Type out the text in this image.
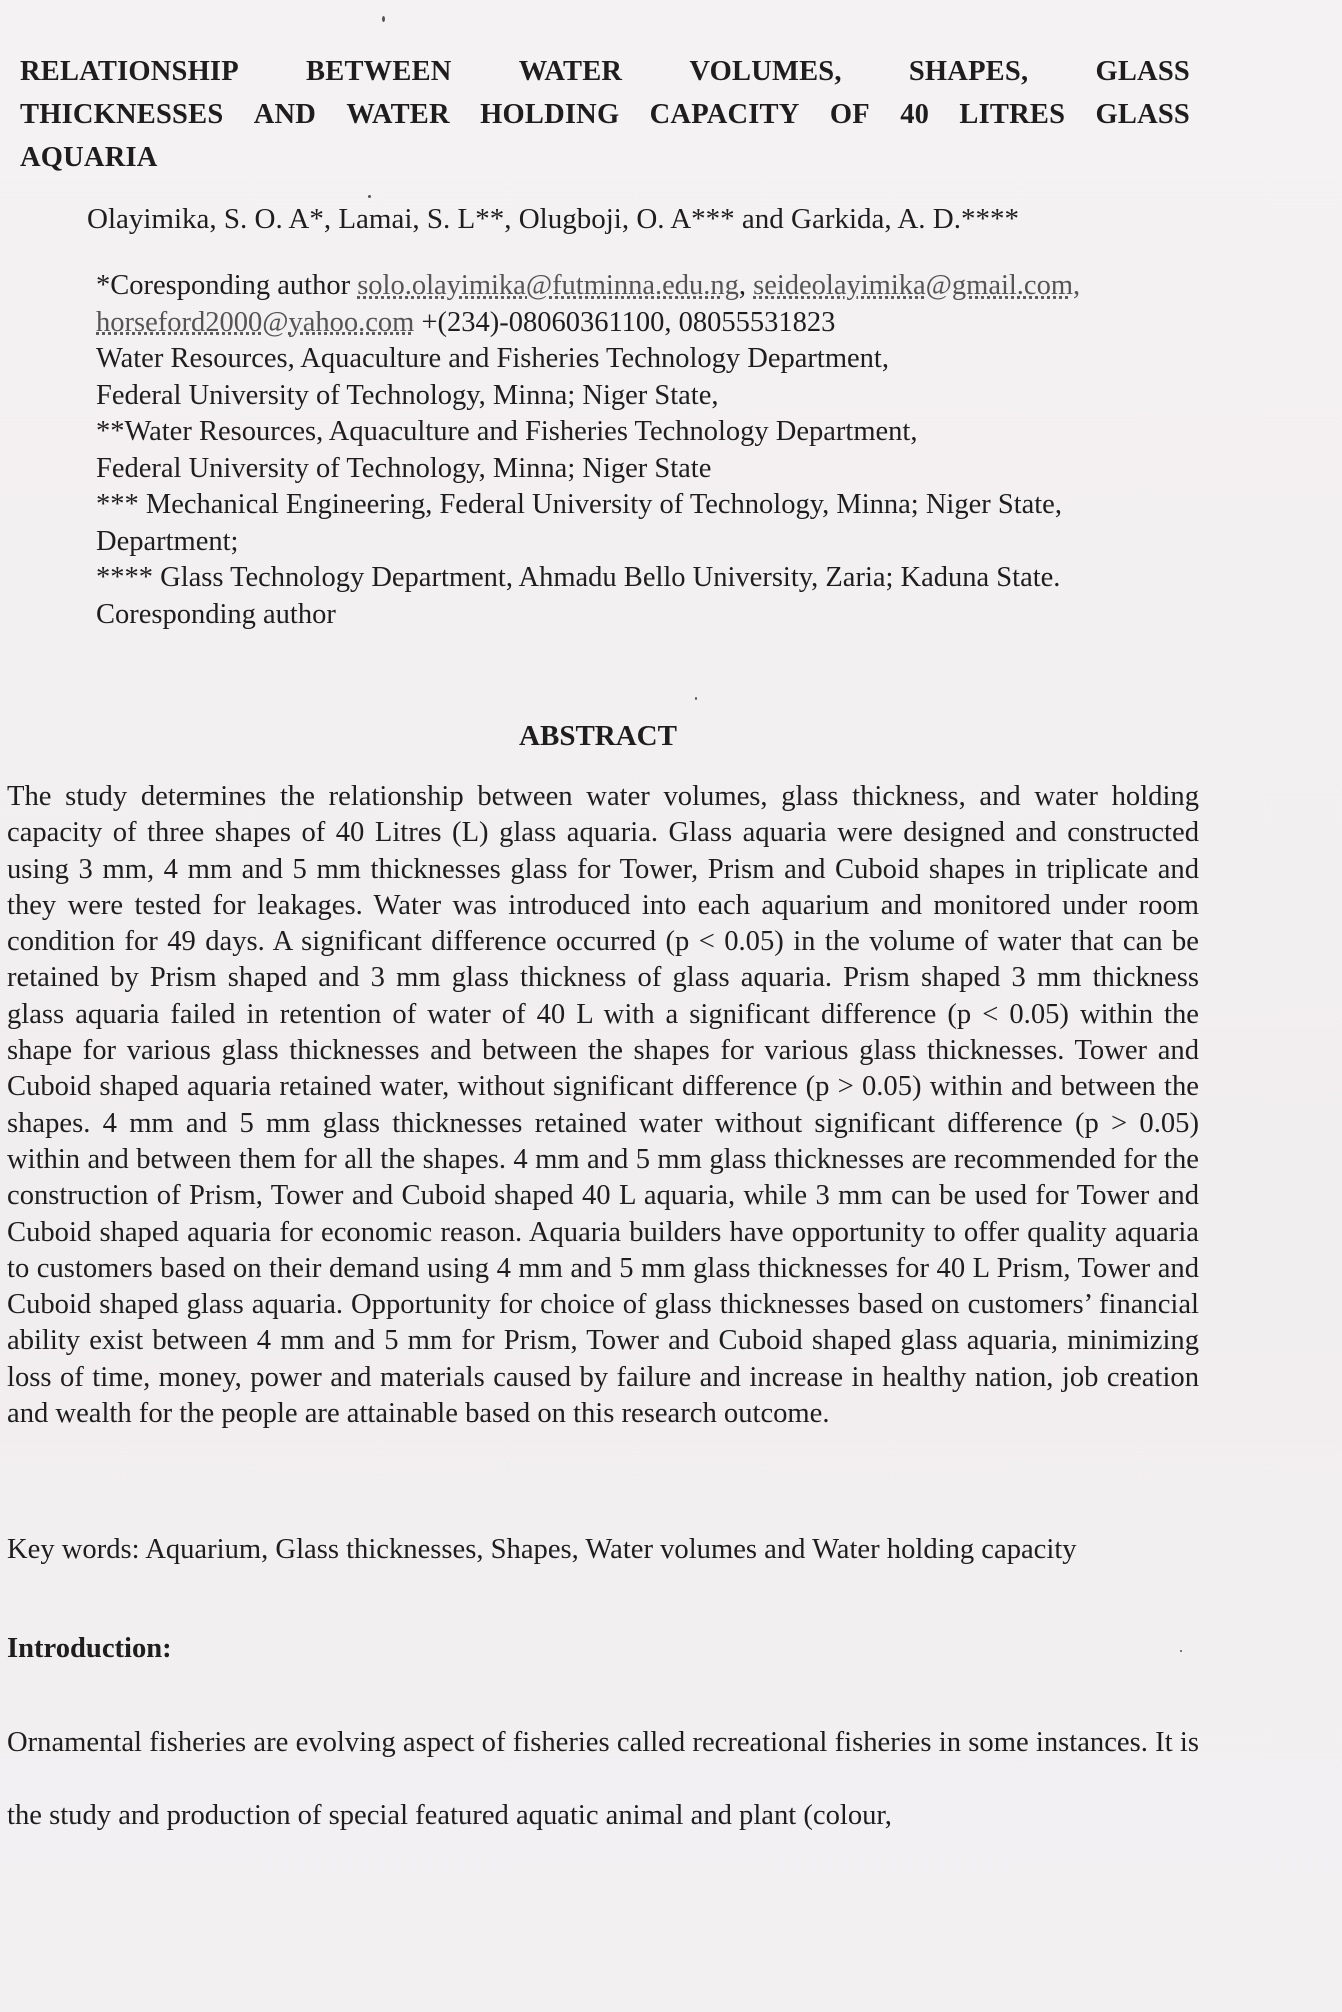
RELATIONSHIP BETWEEN WATER VOLUMES, SHAPES, GLASS
THICKNESSES AND WATER HOLDING CAPACITY OF 40 LITRES GLASS
AQUARIA

Olayimika, S. O. A*, Lamai, S. L**, Olugboji, O. A*** and Garkida, A. D.****

*Coresponding author solo.olayimika@futminna.edu.ng, seideolayimika@gmail.com,
horseford2000@yahoo.com +(234)-08060361100, 08055531823
Water Resources, Aquaculture and Fisheries Technology Department,
Federal University of Technology, Minna; Niger State,
**Water Resources, Aquaculture and Fisheries Technology Department,
Federal University of Technology, Minna; Niger State
*** Mechanical Engineering, Federal University of Technology, Minna; Niger State,
Department;
**** Glass Technology Department, Ahmadu Bello University, Zaria; Kaduna State.
Coresponding author
ABSTRACT

The study determines the relationship between water volumes, glass thickness, and water holding capacity of three shapes of 40 Litres (L) glass aquaria. Glass aquaria were designed and constructed using 3 mm, 4 mm and 5 mm thicknesses glass for Tower, Prism and Cuboid shapes in triplicate and they were tested for leakages. Water was introduced into each aquarium and monitored under room condition for 49 days. A significant difference occurred (p < 0.05) in the volume of water that can be retained by Prism shaped and 3 mm glass thickness of glass aquaria. Prism shaped 3 mm thickness glass aquaria failed in retention of water of 40 L with a significant difference (p < 0.05) within the shape for various glass thicknesses and between the shapes for various glass thicknesses. Tower and Cuboid shaped aquaria retained water, without significant difference (p > 0.05) within and between the shapes. 4 mm and 5 mm glass thicknesses retained water without significant difference (p > 0.05) within and between them for all the shapes. 4 mm and 5 mm glass thicknesses are recommended for the construction of Prism, Tower and Cuboid shaped 40 L aquaria, while 3 mm can be used for Tower and Cuboid shaped aquaria for economic reason. Aquaria builders have opportunity to offer quality aquaria to customers based on their demand using 4 mm and 5 mm glass thicknesses for 40 L Prism, Tower and Cuboid shaped glass aquaria. Opportunity for choice of glass thicknesses based on customers’ financial ability exist between 4 mm and 5 mm for Prism, Tower and Cuboid shaped glass aquaria, minimizing loss of time, money, power and materials caused by failure and increase in healthy nation, job creation and wealth for the people are attainable based on this research outcome.

Key words: Aquarium, Glass thicknesses, Shapes, Water volumes and Water holding capacity

Introduction:

Ornamental fisheries are evolving aspect of fisheries called recreational fisheries in some instances. It is the study and production of special featured aquatic animal and plant (colour,
